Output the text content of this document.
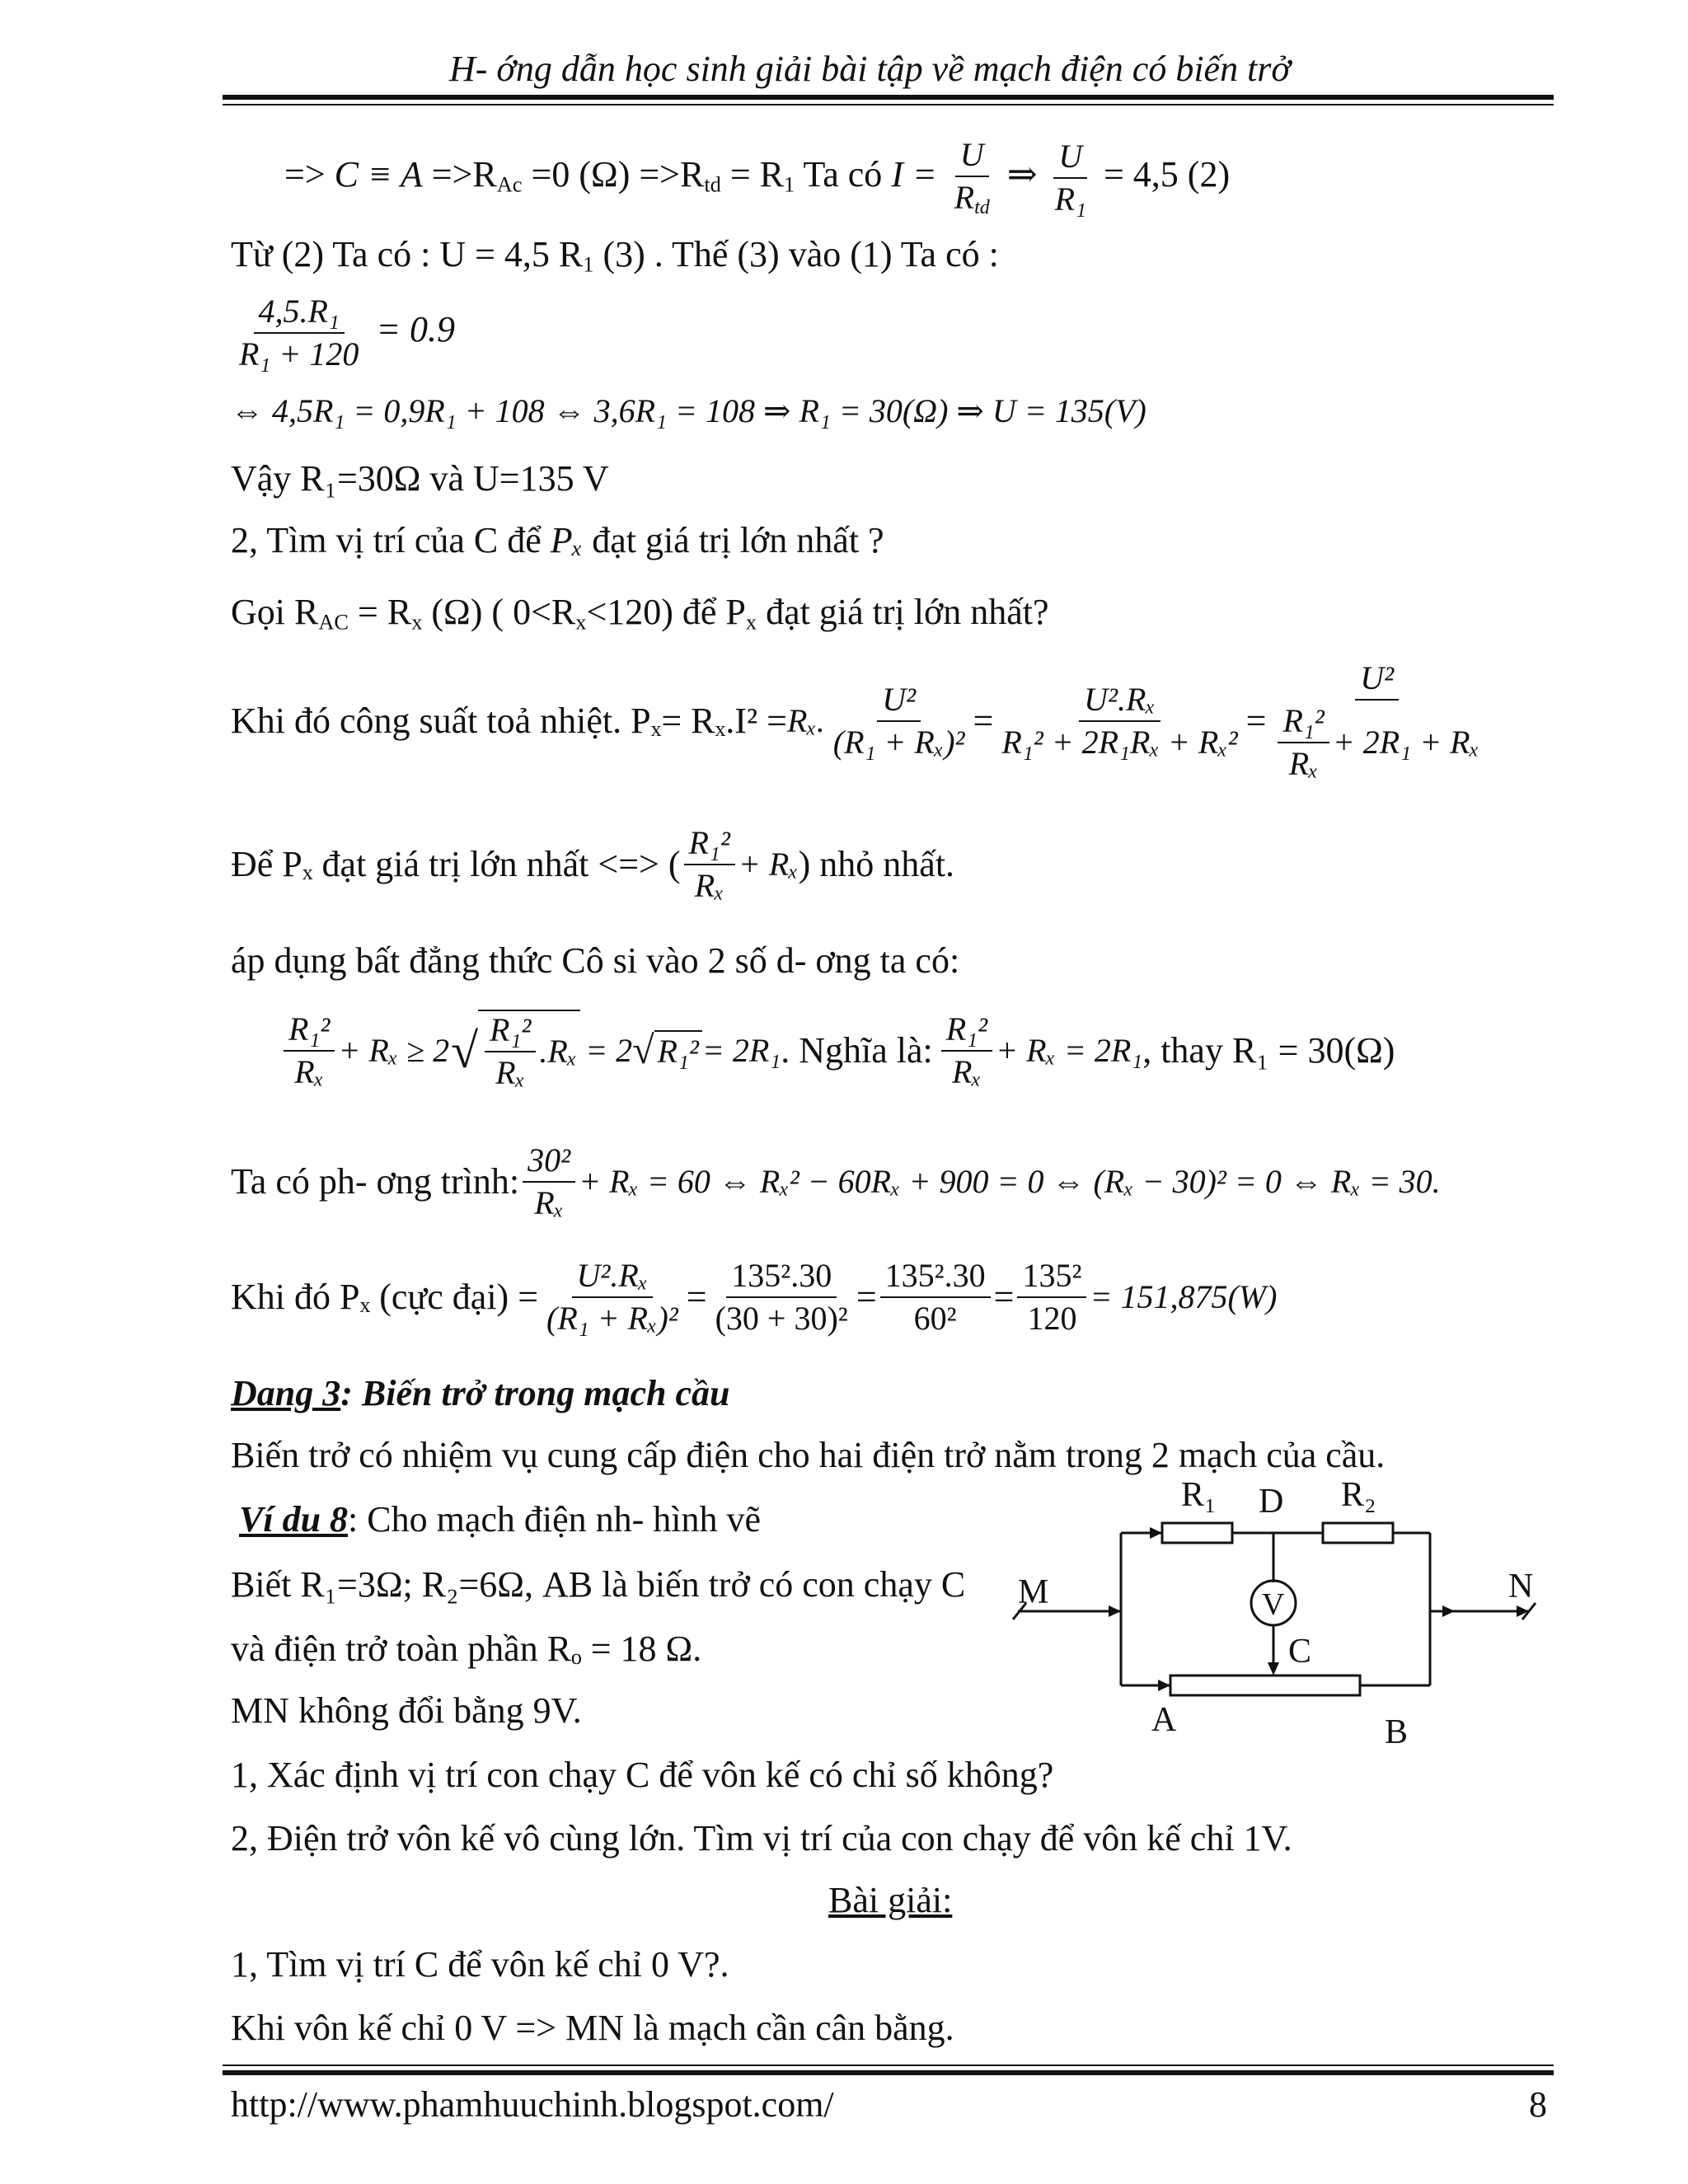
H- ớng dẫn học sinh giải bài tập về mạch điện có biến trở
=> $C \equiv A =>R_{Ac} =0$ $(\Omega) =>R_{td} = R_1$ Ta có $I = \frac{U}{R_{td}}$ ⇒ $\frac{U}{\text{R₁}} = 4,5$ (2)
Từ (2) Ta có : U = 4,5 $R_1$ (3) . Thế (3) vào (1) Ta có :
$\frac{\text{4,5.R₁}}{\text{R₁ + 120}} = 0.9$
⇔ 4,5R₁ = 0,9R₁ + 108 ⇔ 3,6R₁ = 108 ⇒ R₁ = 30(Ω) ⇒ U = 135(V)
Vậy R₁=30Ω và U=135 V
2, Tìm vị trí của C để Pₓ đạt giá trị lớn nhất ?
Gọi $R_{AC} = R_x$ (Ω) ( $0<R_x<120$) để $P_x$ đạt giá trị lớn nhất?
Khi đó công suất toả nhiệt. Pₓ= Rₓ.I² = Rₓ. $\frac{\text{U²}}{\text{(R₁ + Rₓ)²}} = \frac{\text{U².Rₓ}}{\text{R₁² + 2R₁Rₓ + Rₓ²}} = \frac{\text{U²}}{\frac{\text{R₁²}}{\text{Rₓ}} + 2R_1 + R_x}$
Để Pₓ đạt giá trị lớn nhất <=> ( $\frac{\text{R₁²}}{\text{Rₓ}} + R_x$ ) nhỏ nhất.
áp dụng bất đẳng thức Cô si vào 2 số d- ơng ta có:
$\frac{\text{R₁²}}{\text{Rₓ}} + R_x \ge 2$ √ $\frac{\text{R₁²}}{\text{Rₓ}} .R_x = 2$ √ R₁² = 2R₁ . Nghĩa là: $\frac{\text{R₁²}}{\text{Rₓ}} + R_x = 2R_1$ , thay R₁ = 30(Ω)
Ta có ph- ơng trình: $\frac{\text{30²}}{\text{Rₓ}} + R_x = 60$ ⇔ Rₓ² − 60Rₓ + 900 = 0 ⇔ (Rₓ − 30)² = 0 ⇔ Rₓ = 30.
Khi đó Pₓ (cực đại) = $\frac{\text{U².Rₓ}}{\text{(R₁ + Rₓ)²}} = \frac{\text{135².30}}{\text{(30 + 30)²}} = \frac{\text{135².30}}{\text{60²}} = \frac{\text{135²}}{120} = 151,875(W)$
Dang 3: Biến trở trong mạch cầu
Biến trở có nhiệm vụ cung cấp điện cho hai điện trở nằm trong 2 mạch của cầu.
Ví du 8: Cho mạch điện nh- hình vẽ
Biết R₁=3Ω; R₂=6Ω, AB là biến trở có con chạy C
và điện trở toàn phần Rₒ = 18 Ω.
MN không đổi bằng 9V.
1, Xác định vị trí con chạy C để vôn kế có chỉ số không?
2, Điện trở vôn kế vô cùng lớn. Tìm vị trí của con chạy để vôn kế chỉ 1V.
Bài giải:
1, Tìm vị trí C để vôn kế chỉ 0 V?.
Khi vôn kế chỉ 0 V => MN là mạch cần cân bằng.
R₁ D R₂
M	N
V
C
A	B
http://www.phamhuuchinh.blogspot.com/	8
